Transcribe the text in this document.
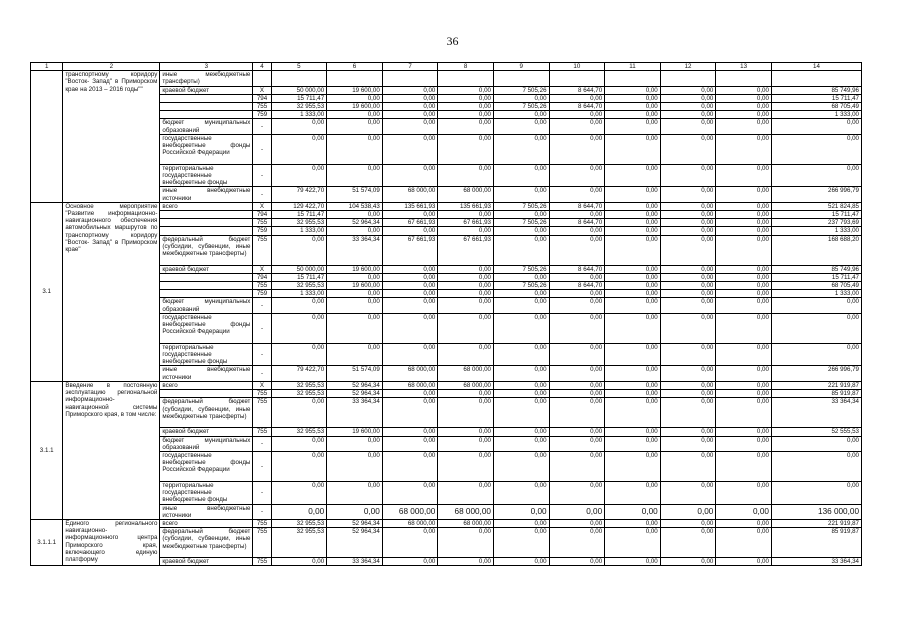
36
1	2	3	4	5	6	7	8	9	10	11	12	13	14
	транспортному коридору "Восток- Запад" в Приморском крае на 2013 – 2016 годы""	иные межбюджетные трансферты)											
		краевой бюджет	X	50 000,00	19 600,00	0,00	0,00	7 505,26	8 644,70	0,00	0,00	0,00	85 749,96
			794	15 711,47	0,00	0,00	0,00	0,00	0,00	0,00	0,00	0,00	15 711,47
			755	32 955,53	19 600,00	0,00	0,00	7 505,26	8 644,70	0,00	0,00	0,00	68 705,49
			759	1 333,00	0,00	0,00	0,00	0,00	0,00	0,00	0,00	0,00	1 333,00
		бюджет муниципальных образований	-	0,00	0,00	0,00	0,00	0,00	0,00	0,00	0,00	0,00	0,00
		государственные внебюджетные фонды Российской Федерации	-	0,00	0,00	0,00	0,00	0,00	0,00	0,00	0,00	0,00	0,00
		территориальные государственные внебюджетные фонды	-	0,00	0,00	0,00	0,00	0,00	0,00	0,00	0,00	0,00	0,00
		иные внебюджетные источники	-	79 422,70	51 574,09	68 000,00	68 000,00	0,00	0,00	0,00	0,00	0,00	266 996,79
3.1	Основное мероприятие "Развитие информационно-навигационного обеспечения автомобильных маршрутов по транспортному коридору "Восток- Запад" в Приморском крае"	всего	X	129 422,70	104 538,43	135 661,93	135 661,93	7 505,26	8 644,70	0,00	0,00	0,00	521 824,85
			794	15 711,47	0,00	0,00	0,00	0,00	0,00	0,00	0,00	0,00	15 711,47
			755	32 955,53	52 964,34	67 661,93	67 661,93	7 505,26	8 644,70	0,00	0,00	0,00	237 793,69
			759	1 333,00	0,00	0,00	0,00	0,00	0,00	0,00	0,00	0,00	1 333,00
		федеральный бюджет (субсидии, субвенции, иные межбюджетные трансферты)	755	0,00	33 364,34	67 661,93	67 661,93	0,00	0,00	0,00	0,00	0,00	168 688,20
		краевой бюджет	X	50 000,00	19 600,00	0,00	0,00	7 505,26	8 644,70	0,00	0,00	0,00	85 749,96
			794	15 711,47	0,00	0,00	0,00	0,00	0,00	0,00	0,00	0,00	15 711,47
			755	32 955,53	19 600,00	0,00	0,00	7 505,26	8 644,70	0,00	0,00	0,00	68 705,49
			759	1 333,00	0,00	0,00	0,00	0,00	0,00	0,00	0,00	0,00	1 333,00
		бюджет муниципальных образований	-	0,00	0,00	0,00	0,00	0,00	0,00	0,00	0,00	0,00	0,00
		государственные внебюджетные фонды Российской Федерации	-	0,00	0,00	0,00	0,00	0,00	0,00	0,00	0,00	0,00	0,00
		территориальные государственные внебюджетные фонды	-	0,00	0,00	0,00	0,00	0,00	0,00	0,00	0,00	0,00	0,00
		иные внебюджетные источники	-	79 422,70	51 574,09	68 000,00	68 000,00	0,00	0,00	0,00	0,00	0,00	266 996,79
3.1.1	Введение в постоянную эксплуатацию региональной информационно-навигационной системы Приморского края, в том числе:	всего	X	32 955,53	52 964,34	68 000,00	68 000,00	0,00	0,00	0,00	0,00	0,00	221 919,87
			755	32 955,53	52 964,34	0,00	0,00	0,00	0,00	0,00	0,00	0,00	85 919,87
		федеральный бюджет (субсидии, субвенции, иные межбюджетные трансферты)	755	0,00	33 364,34	0,00	0,00	0,00	0,00	0,00	0,00	0,00	33 364,34
		краевой бюджет	755	32 955,53	19 600,00	0,00	0,00	0,00	0,00	0,00	0,00	0,00	52 555,53
		бюджет муниципальных образований	-	0,00	0,00	0,00	0,00	0,00	0,00	0,00	0,00	0,00	0,00
		государственные внебюджетные фонды Российской Федерации	-	0,00	0,00	0,00	0,00	0,00	0,00	0,00	0,00	0,00	0,00
		территориальные государственные внебюджетные фонды	-	0,00	0,00	0,00	0,00	0,00	0,00	0,00	0,00	0,00	0,00
		иные внебюджетные источники	-	0,00	0,00	68 000,00	68 000,00	0,00	0,00	0,00	0,00	0,00	136 000,00
3.1.1.1	Единого регионального навигационно-информационного центра Приморского края, включающего единую платформу	всего	755	32 955,53	52 964,34	68 000,00	68 000,00	0,00	0,00	0,00	0,00	0,00	221 919,87
		федеральный бюджет (субсидии, субвенции, иные межбюджетные трансферты)	755	32 955,53	52 964,34	0,00	0,00	0,00	0,00	0,00	0,00	0,00	85 919,87
		краевой бюджет	755	0,00	33 364,34	0,00	0,00	0,00	0,00	0,00	0,00	0,00	33 364,34
